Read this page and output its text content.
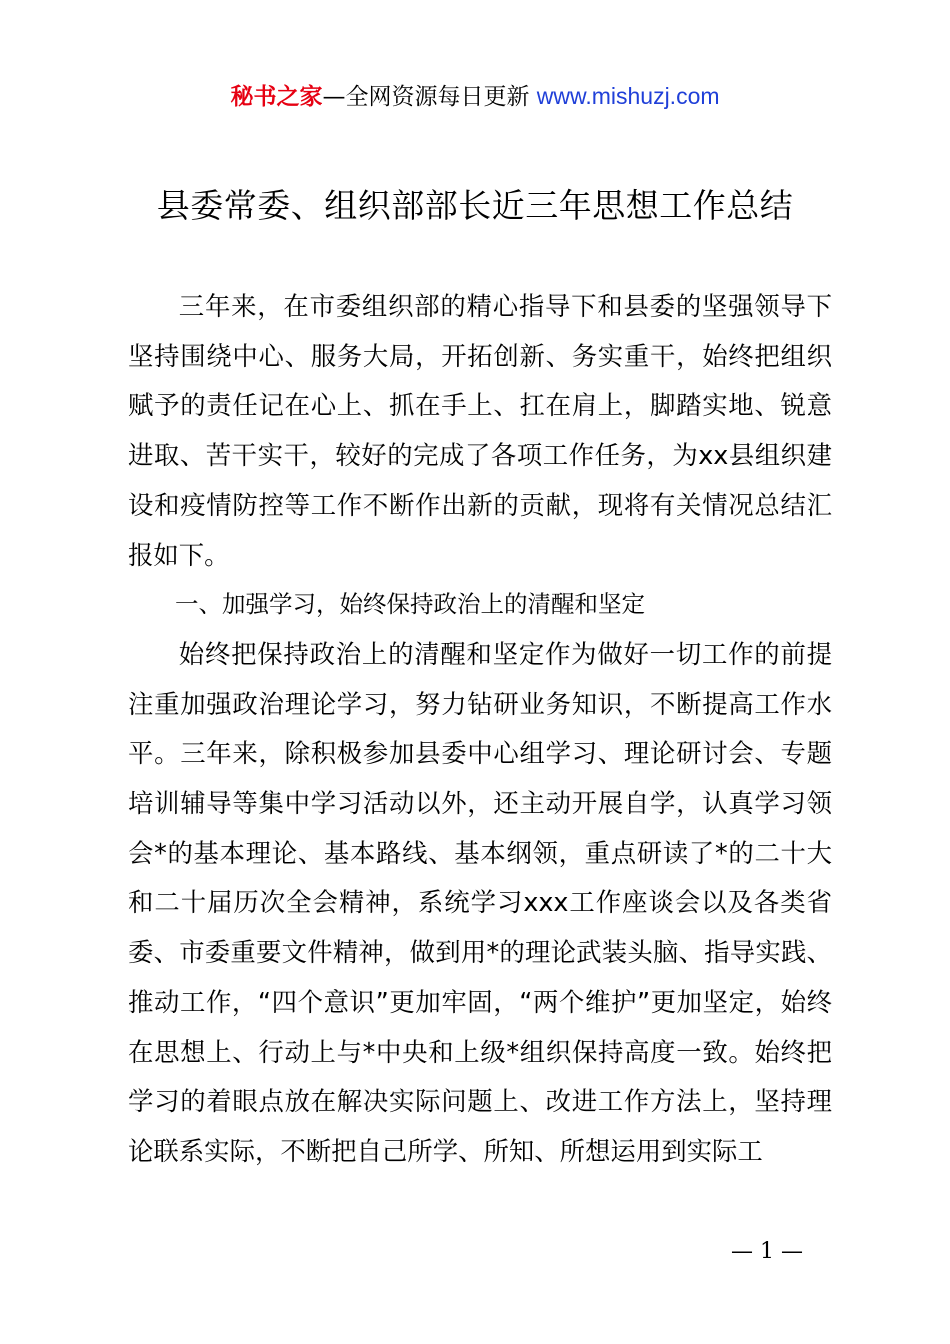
秘书之家—全网资源每日更新 www.mishuzj.com
县委常委、组织部部长近三年思想工作总结

三年来，在市委组织部的精心指导下和县委的坚强领导下坚持围绕中心、服务大局，开拓创新、务实重干，始终把组织赋予的责任记在心上、抓在手上、扛在肩上，脚踏实地、锐意进取、苦干实干，较好的完成了各项工作任务，为xx县组织建设和疫情防控等工作不断作出新的贡献，现将有关情况总结汇报如下。

一、加强学习，始终保持政治上的清醒和坚定

始终把保持政治上的清醒和坚定作为做好一切工作的前提注重加强政治理论学习，努力钻研业务知识，不断提高工作水平。三年来，除积极参加县委中心组学习、理论研讨会、专题培训辅导等集中学习活动以外，还主动开展自学，认真学习领会*的基本理论、基本路线、基本纲领，重点研读了*的二十大和二十届历次全会精神，系统学习xxx工作座谈会以及各类省委、市委重要文件精神，做到用*的理论武装头脑、指导实践、推动工作，“四个意识”更加牢固，“两个维护”更加坚定，始终在思想上、行动上与*中央和上级*组织保持高度一致。始终把学习的着眼点放在解决实际问题上、改进工作方法上，坚持理论联系实际，不断把自己所学、所知、所想运用到实际工

— 1 —
